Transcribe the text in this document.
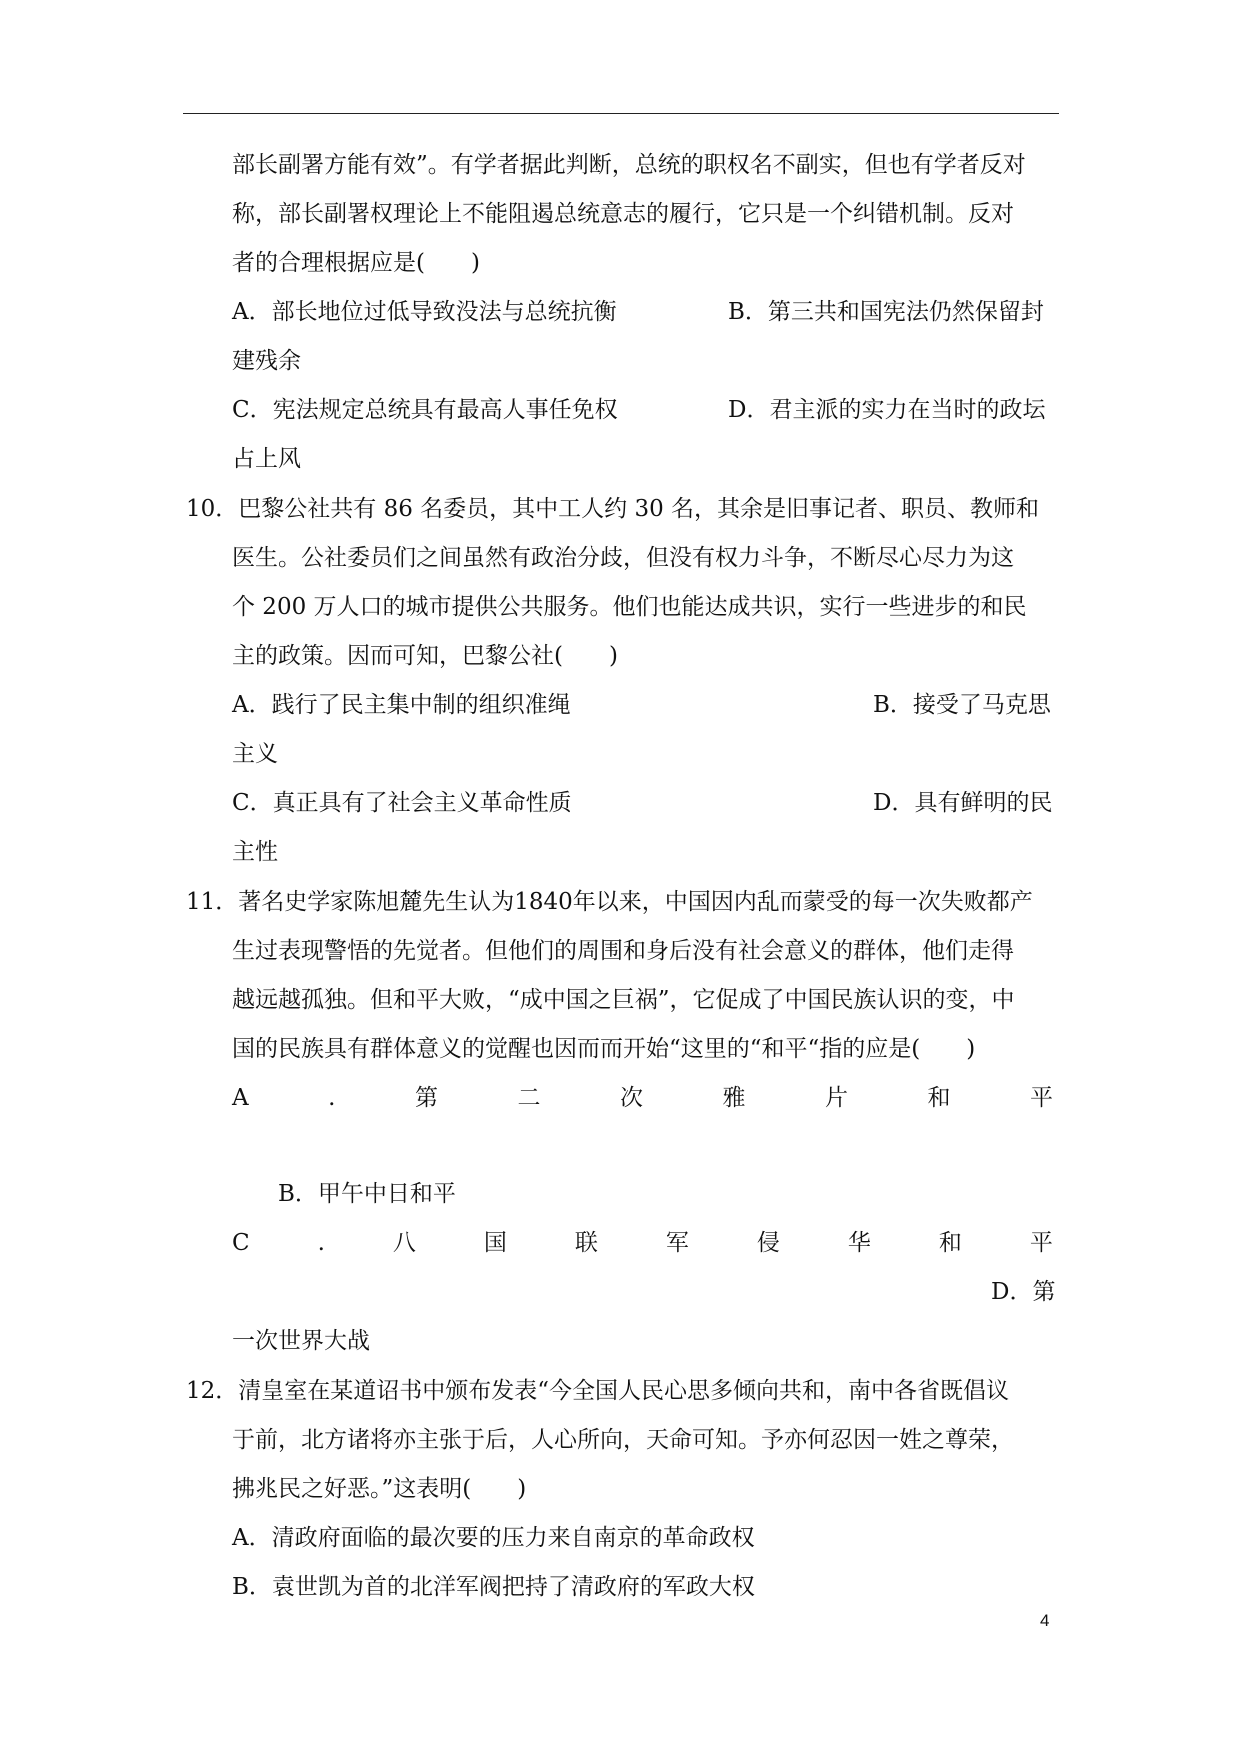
部长副署方能有效”。有学者据此判断，总统的职权名不副实，但也有学者反对
称，部长副署权理论上不能阻遏总统意志的履行，它只是一个纠错机制。反对
者的合理根据应是(　　)
A．部长地位过低导致没法与总统抗衡	B．第三共和国宪法仍然保留封
建残余
C．宪法规定总统具有最高人事任免权	D．君主派的实力在当时的政坛
占上风
10．巴黎公社共有 86 名委员，其中工人约 30 名，其余是旧事记者、职员、教师和
医生。公社委员们之间虽然有政治分歧，但没有权力斗争，不断尽心尽力为这
个 200 万人口的城市提供公共服务。他们也能达成共识，实行一些进步的和民
主的政策。因而可知，巴黎公社(　　)
A．践行了民主集中制的组织准绳	B．接受了马克思
主义
C．真正具有了社会主义革命性质	D．具有鲜明的民
主性
11．著名史学家陈旭麓先生认为1840年以来，中国因内乱而蒙受的每一次失败都产
生过表现警悟的先觉者。但他们的周围和身后没有社会意义的群体，他们走得
越远越孤独。但和平大败，“成中国之巨祸”，它促成了中国民族认识的变，中
国的民族具有群体意义的觉醒也因而而开始“这里的“和平“指的应是(　　)
A	.	第	二	次	雅	片	和	平
B．甲午中日和平
C	.	八	国	联	军	侵	华	和	平
D．第
一次世界大战
12．清皇室在某道诏书中颁布发表“今全国人民心思多倾向共和，南中各省既倡议
于前，北方诸将亦主张于后，人心所向，天命可知。予亦何忍因一姓之尊荣，
拂兆民之好恶。”这表明(　　)
A．清政府面临的最次要的压力来自南京的革命政权
B．袁世凯为首的北洋军阀把持了清政府的军政大权
4
